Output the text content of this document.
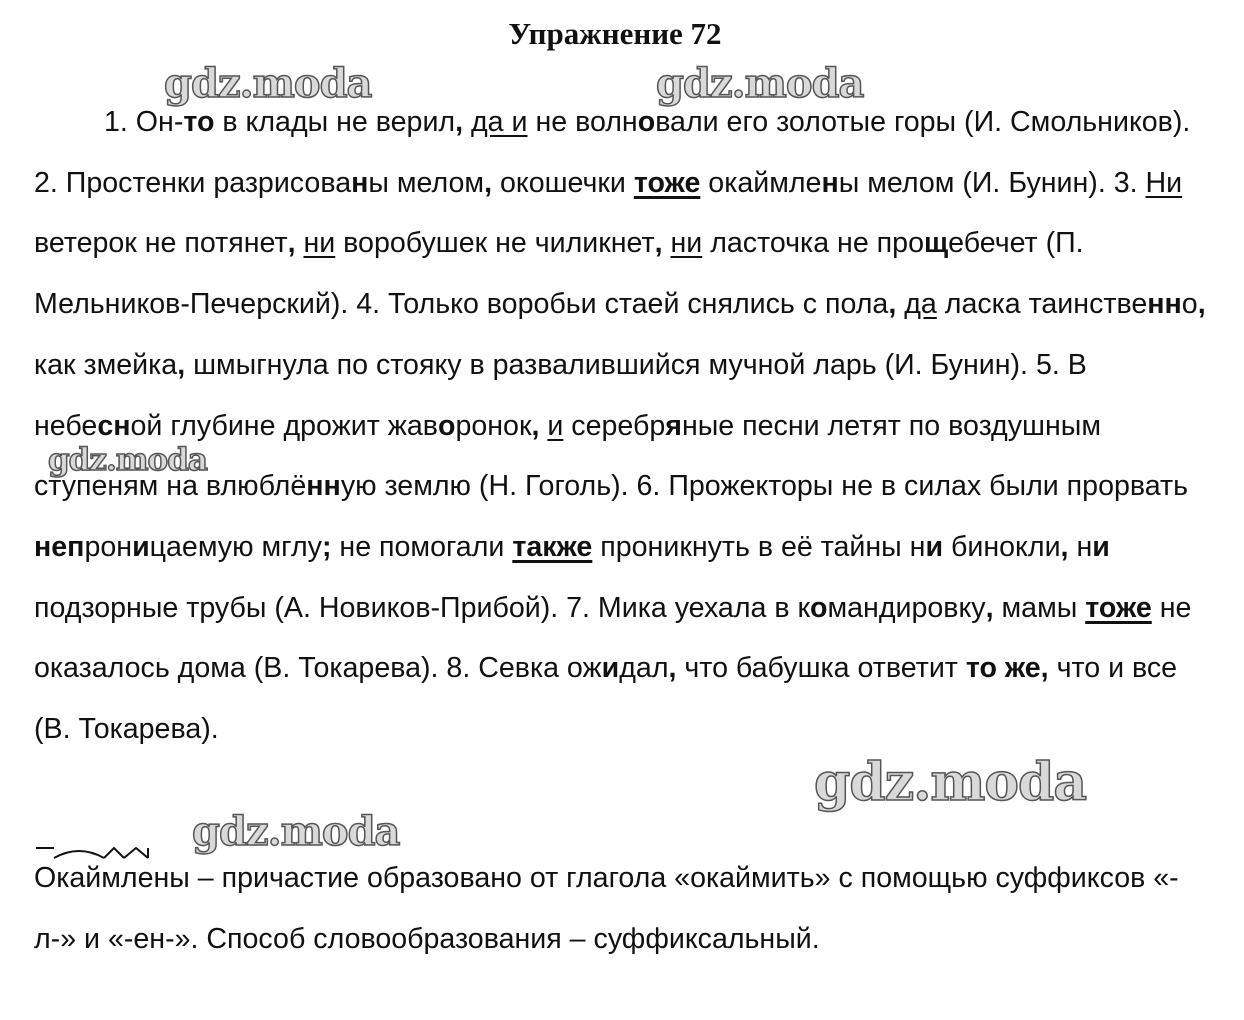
Упражнение 72

1. Он-то в клады не верил, да и не волновали его золотые горы (И. Смольников). 2. Простенки разрисованы мелом, окошечки тоже окаймлены мелом (И. Бунин). 3. Ни ветерок не потянет, ни воробушек не чиликнет, ни ласточка не прощебечет (П. Мельников-Печерский). 4. Только воробьи стаей снялись с пола, да ласка таинственно, как змейка, шмыгнула по стояку в развалившийся мучной ларь (И. Бунин). 5. В небесной глубине дрожит жаворонок, и серебряные песни летят по воздушным ступеням на влюблённую землю (Н. Гоголь). 6. Прожекторы не в силах были прорвать непроницаемую мглу; не помогали также проникнуть в её тайны ни бинокли, ни подзорные трубы (А. Новиков-Прибой). 7. Мика уехала в командировку, мамы тоже не оказалось дома (В. Токарева). 8. Севка ожидал, что бабушка ответит то же, что и все (В. Токарева).

Окаймлены – причастие образовано от глагола «окаймить» с помощью суффиксов «-л-» и «-ен-». Способ словообразования – суффиксальный.

gdz.moda	gdz.moda
gdz.moda
gdz.moda
gdz.moda
